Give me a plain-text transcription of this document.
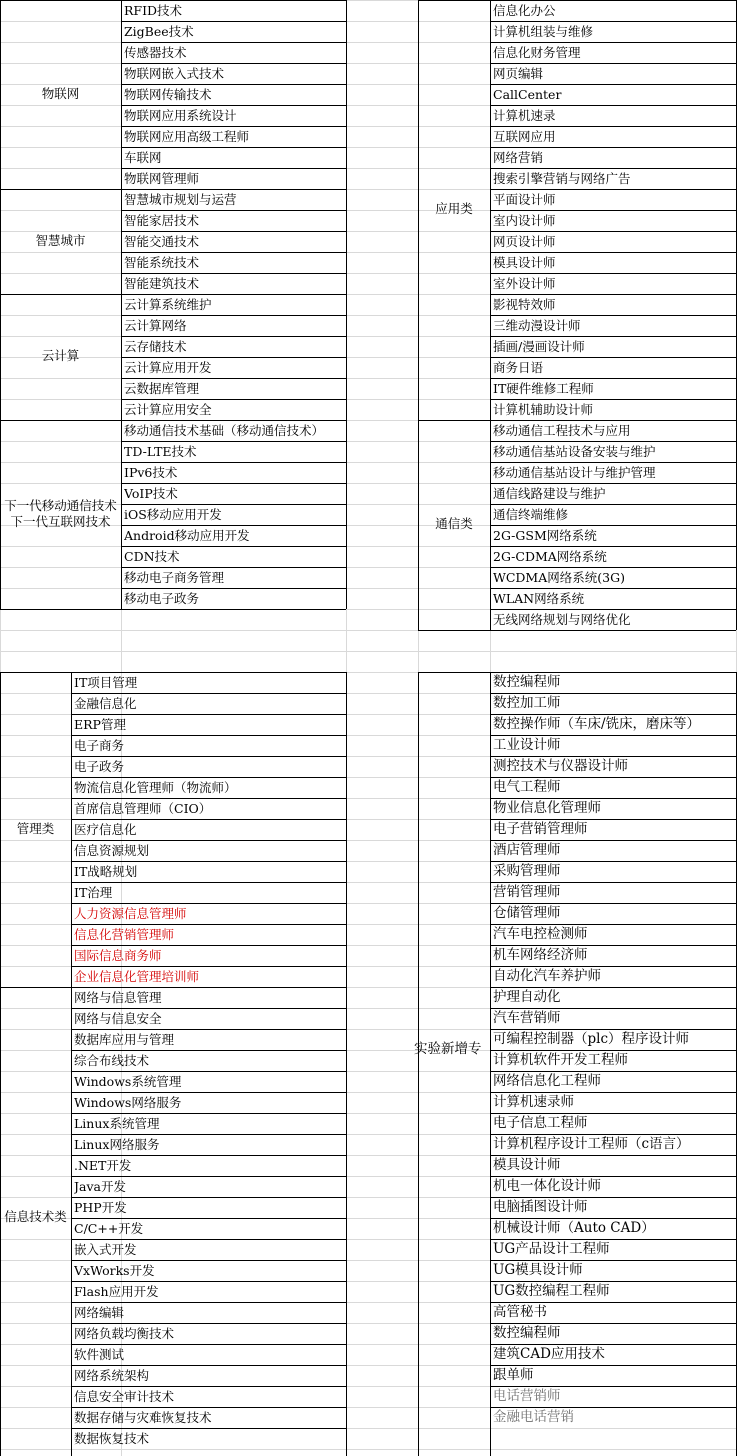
物联网
RFID技术
ZigBee技术
传感器技术
物联网嵌入式技术
物联网传输技术
物联网应用系统设计
物联网应用高级工程师
车联网
物联网管理师
智慧城市
智慧城市规划与运营
智能家居技术
智能交通技术
智能系统技术
智能建筑技术
云计算
云计算系统维护
云计算网络
云存储技术
云计算应用开发
云数据库管理
云计算应用安全
下一代移动通信技术
下一代互联网技术
移动通信技术基础（移动通信技术）
TD-LTE技术
IPv6技术
VoIP技术
iOS移动应用开发
Android移动应用开发
CDN技术
移动电子商务管理
移动电子政务
应用类
信息化办公
计算机组装与维修
信息化财务管理
网页编辑
CallCenter
计算机速录
互联网应用
网络营销
搜索引擎营销与网络广告
平面设计师
室内设计师
网页设计师
模具设计师
室外设计师
影视特效师
三维动漫设计师
插画/漫画设计师
商务日语
IT硬件维修工程师
计算机辅助设计师
通信类
移动通信工程技术与应用
移动通信基站设备安装与维护
移动通信基站设计与维护管理
通信线路建设与维护
通信终端维修
2G-GSM网络系统
2G-CDMA网络系统
WCDMA网络系统(3G)
WLAN网络系统
无线网络规划与网络优化
管理类
IT项目管理
金融信息化
ERP管理
电子商务
电子政务
物流信息化管理师（物流师）
首席信息管理师（CIO）
医疗信息化
信息资源规划
IT战略规划
IT治理
人力资源信息管理师
信息化营销管理师
国际信息商务师
企业信息化管理培训师
信息技术类
网络与信息管理
网络与信息安全
数据库应用与管理
综合布线技术
Windows系统管理
Windows网络服务
Linux系统管理
Linux网络服务
.NET开发
Java开发
PHP开发
C/C++开发
嵌入式开发
VxWorks开发
Flash应用开发
网络编辑
网络负载均衡技术
软件测试
网络系统架构
信息安全审计技术
数据存储与灾难恢复技术
数据恢复技术
实验新增专
数控编程师
数控加工师
数控操作师（车床/铣床，磨床等）
工业设计师
测控技术与仪器设计师
电气工程师
物业信息化管理师
电子营销管理师
酒店管理师
采购管理师
营销管理师
仓储管理师
汽车电控检测师
机车网络经济师
自动化汽车养护师
护理自动化
汽车营销师
可编程控制器（plc）程序设计师
计算机软件开发工程师
网络信息化工程师
计算机速录师
电子信息工程师
计算机程序设计工程师（c语言）
模具设计师
机电一体化设计师
电脑插图设计师
机械设计师（Auto CAD）
UG产品设计工程师
UG模具设计师
UG数控编程工程师
高管秘书
数控编程师
建筑CAD应用技术
跟单师
电话营销师
金融电话营销
